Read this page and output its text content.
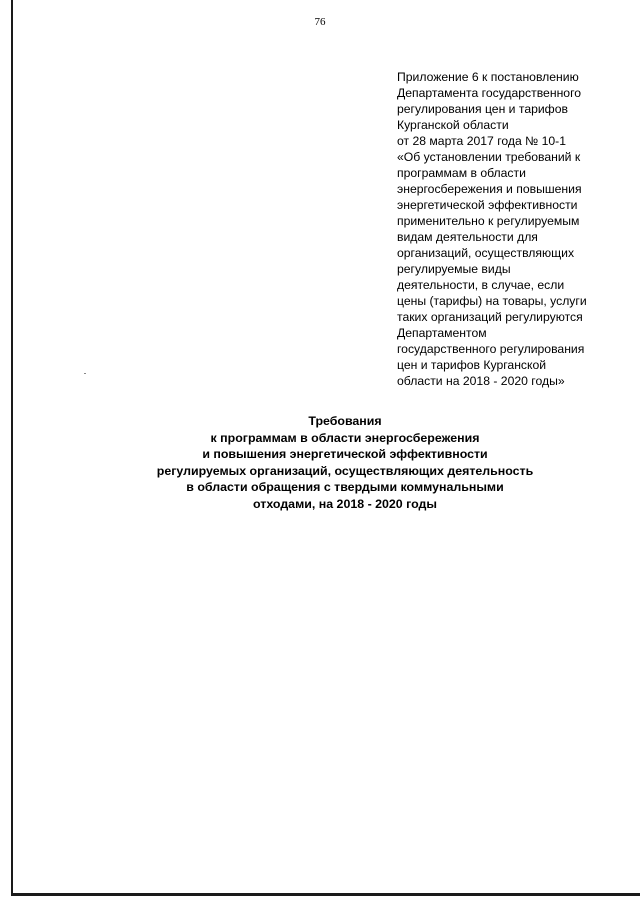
76
Приложение 6 к постановлению
Департамента государственного
регулирования цен и тарифов
Курганской области
от 28 марта 2017 года № 10-1
«Об установлении требований к
программам в области
энергосбережения и повышения
энергетической эффективности
применительно к регулируемым
видам деятельности для
организаций, осуществляющих
регулируемые виды
деятельности, в случае, если
цены (тарифы) на товары, услуги
таких организаций регулируются
Департаментом
государственного регулирования
цен и тарифов Курганской
области на 2018 - 2020 годы»
Требования
к программам в области энергосбережения
и повышения энергетической эффективности
регулируемых организаций, осуществляющих деятельность
в области обращения с твердыми коммунальными
отходами, на 2018 - 2020 годы
